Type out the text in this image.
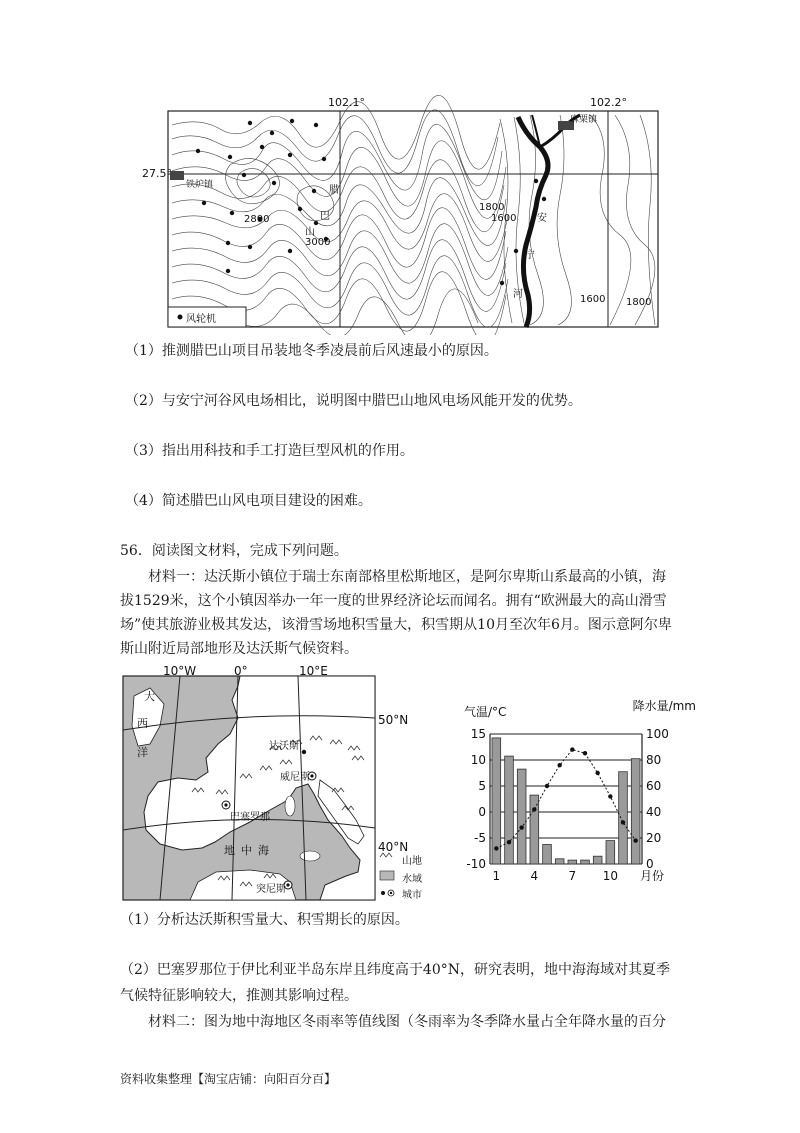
102.1°	102.2°
27.5°
铁炉镇
麻栗镇
腊
巴
山
2800
3000
1800
1600
1600 1800
安
宁
河
风轮机
（1）推测腊巴山项目吊装地冬季凌晨前后风速最小的原因。
（2）与安宁河谷风电场相比，说明图中腊巴山地风电场风能开发的优势。
（3）指出用科技和手工打造巨型风机的作用。
（4）简述腊巴山风电项目建设的困难。
56．阅读图文材料，完成下列问题。
材料一：达沃斯小镇位于瑞士东南部格里松斯地区，是阿尔卑斯山系最高的小镇，海拔1529米，这个小镇因举办一年一度的世界经济论坛而闻名。拥有“欧洲最大的高山滑雪场”使其旅游业极其发达，该滑雪场地积雪量大，积雪期从10月至次年6月。图示意阿尔卑斯山附近局部地形及达沃斯气候资料。
10°W	0°	10°E
50°N
40°N
大
西
洋
地 中 海
达沃斯
威尼斯
巴塞罗那
突尼斯
山地
水域
城市
15
10
5
0
-5
-10
100
80
60
40
20
0
1	4	7 10 月份
气温/°C	降水量/mm
（1）分析达沃斯积雪量大、积雪期长的原因。
（2）巴塞罗那位于伊比利亚半岛东岸且纬度高于40°N，研究表明，地中海海域对其夏季
气候特征影响较大，推测其影响过程。
材料二：图为地中海地区冬雨率等值线图（冬雨率为冬季降水量占全年降水量的百分
资料收集整理【淘宝店铺：向阳百分百】
